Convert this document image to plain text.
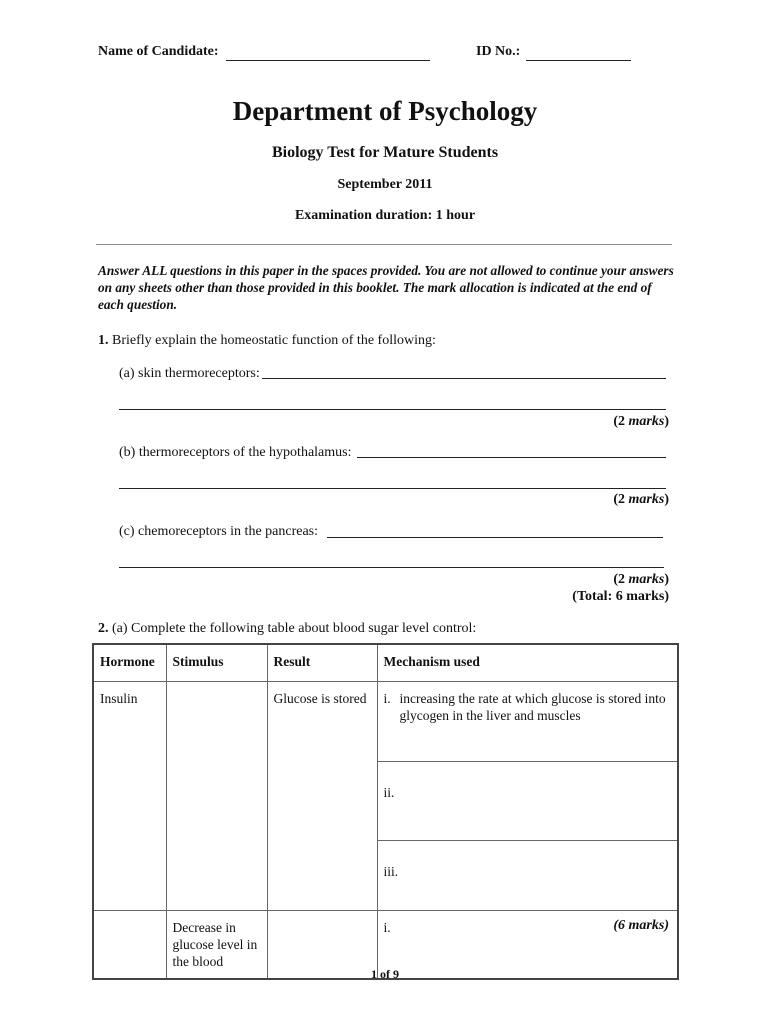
Name of Candidate:	ID No.:
Department of Psychology
Biology Test for Mature Students
September 2011
Examination duration: 1 hour
Answer ALL questions in this paper in the spaces provided. You are not allowed to continue your answers on any sheets other than those provided in this booklet. The mark allocation is indicated at the end of each question.
1. Briefly explain the homeostatic function of the following:
(a) skin thermoreceptors:
(2 marks)
(b) thermoreceptors of the hypothalamus:
(2 marks)
(c) chemoreceptors in the pancreas:
(2 marks)
(Total: 6 marks)
2. (a) Complete the following table about blood sugar level control:
Hormone	Stimulus	Result	Mechanism used
Insulin		Glucose is stored	i. increasing the rate at which glucose is stored into glycogen in the liver and muscles

			ii.
			iii.
	Decrease in glucose level in the blood		i.	(6 marks)
1 of 9
